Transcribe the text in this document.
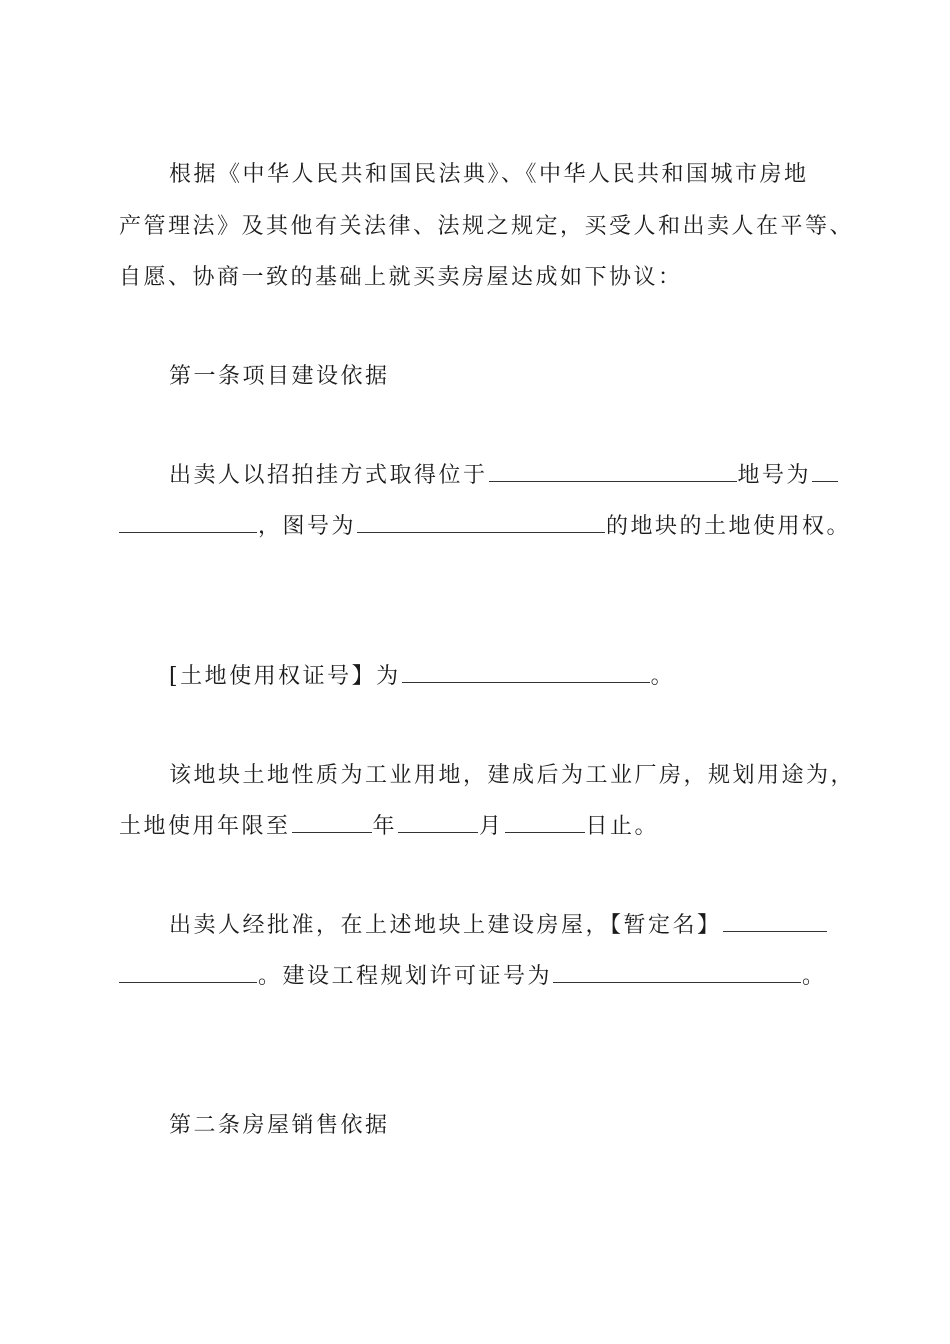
根据《中华人民共和国民法典》、《中华人民共和国城市房地
产管理法》及其他有关法律、法规之规定，买受人和出卖人在平等、
自愿、协商一致的基础上就买卖房屋达成如下协议：
第一条项目建设依据
出卖人以招拍挂方式取得位于	地号为
，图号为	的地块的土地使用权。
[土地使用权证号】为	。
该地块土地性质为工业用地，建成后为工业厂房，规划用途为，
土地使用年限至	年	月	日止。
出卖人经批准，在上述地块上建设房屋，【暂定名】
。建设工程规划许可证号为	。
第二条房屋销售依据
